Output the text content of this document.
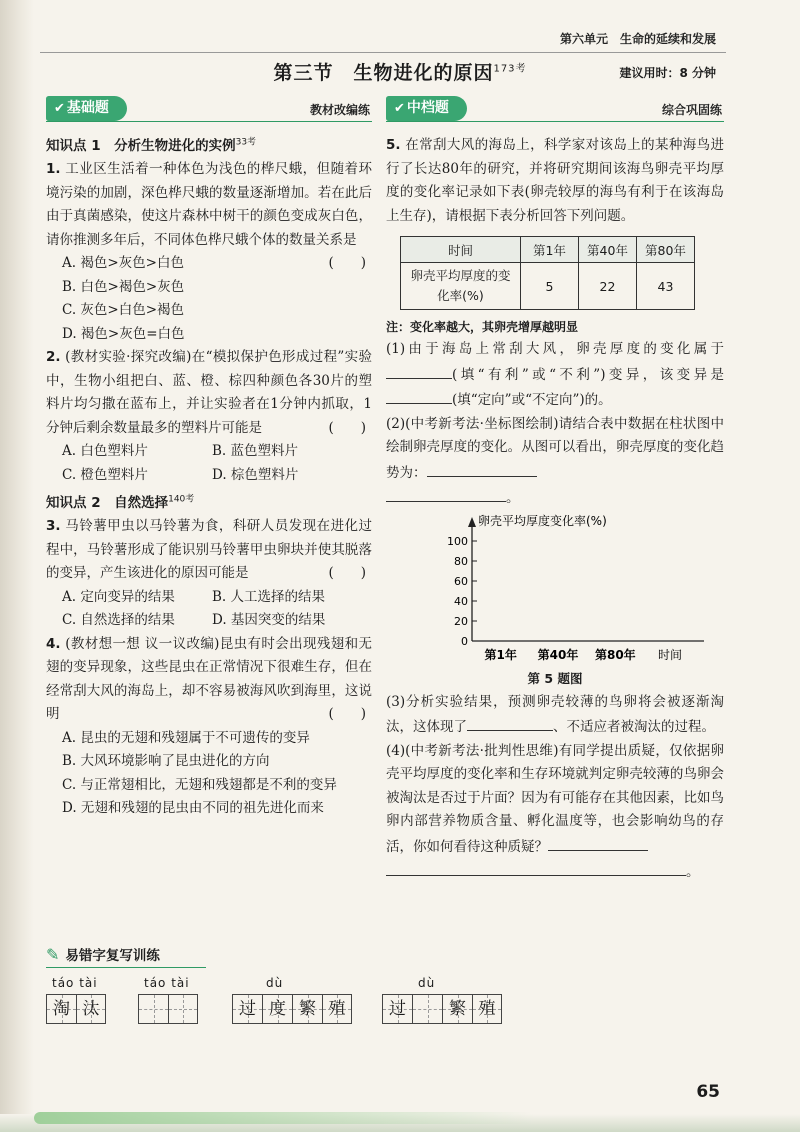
第六单元　生命的延续和发展
第三节　生物进化的原因$^{173考}$	建议用时：8 分钟
✔ 基础题	教材改编练
知识点 1　分析生物进化的实例$^{33考}$
1. 工业区生活着一种体色为浅色的桦尺蛾，但随着环境污染的加剧，深色桦尺蛾的数量逐渐增加。若在此后由于真菌感染，使这片森林中树干的颜色变成灰白色，请你推测多年后，不同体色桦尺蛾个体的数量关系是
(　　)
A. 褐色>灰色>白色
B. 白色>褐色>灰色
C. 灰色>白色>褐色
D. 褐色>灰色=白色
2. (教材实验·探究改编)在“模拟保护色形成过程”实验中，生物小组把白、蓝、橙、棕四种颜色各30片的塑料片均匀撒在蓝布上，并让实验者在1分钟内抓取，1分钟后剩余数量最多的塑料片可能是	(　　)
A. 白色塑料片	B. 蓝色塑料片
C. 橙色塑料片	D. 棕色塑料片
知识点 2　自然选择$^{140考}$
3. 马铃薯甲虫以马铃薯为食，科研人员发现在进化过程中，马铃薯形成了能识别马铃薯甲虫卵块并使其脱落的变异，产生该进化的原因可能是	(　　)
A. 定向变异的结果	B. 人工选择的结果
C. 自然选择的结果	D. 基因突变的结果
4. (教材想一想 议一议改编)昆虫有时会出现残翅和无翅的变异现象，这些昆虫在正常情况下很难生存，但在经常刮大风的海岛上，却不容易被海风吹到海里，这说明	(　　)
A. 昆虫的无翅和残翅属于不可遗传的变异
B. 大风环境影响了昆虫进化的方向
C. 与正常翅相比，无翅和残翅都是不利的变异
D. 无翅和残翅的昆虫由不同的祖先进化而来
✔ 中档题	综合巩固练
5. 在常刮大风的海岛上，科学家对该岛上的某种海鸟进行了长达80年的研究，并将研究期间该海鸟卵壳平均厚度的变化率记录如下表(卵壳较厚的海鸟有利于在该海岛上生存)，请根据下表分析回答下列问题。
时间	第1年	第40年	第80年
卵壳平均厚度的变化率(%)	5	22	43
注：变化率越大，其卵壳增厚越明显
(1)由于海岛上常刮大风，卵壳厚度的变化属于(填“有利”或“不利”)变异，该变异是(填“定向”或“不定向”)的。
(2)(中考新考法·坐标图绘制)请结合表中数据在柱状图中绘制卵壳厚度的变化。从图可以看出，卵壳厚度的变化趋势为：
。
卵壳平均厚度变化率(%)
0
20
40
60
80
100
第1年 第40年 第80年 时间
第 5 题图
(3)分析实验结果，预测卵壳较薄的鸟卵将会被逐渐淘汰，这体现了	、不适应者被淘汰的过程。
(4)(中考新考法·批判性思维)有同学提出质疑，仅依据卵壳平均厚度的变化率和生存环境就判定卵壳较薄的鸟卵会被淘汰是否过于片面？因为有可能存在其他因素，比如鸟卵内部营养物质含量、孵化温度等，也会影响幼鸟的存活，你如何看待这种质疑？
。
✎ 易错字复写训练
táo tài
淘 汰
táo tài	dù
过 度 繁 殖
dù
过	繁 殖
65
